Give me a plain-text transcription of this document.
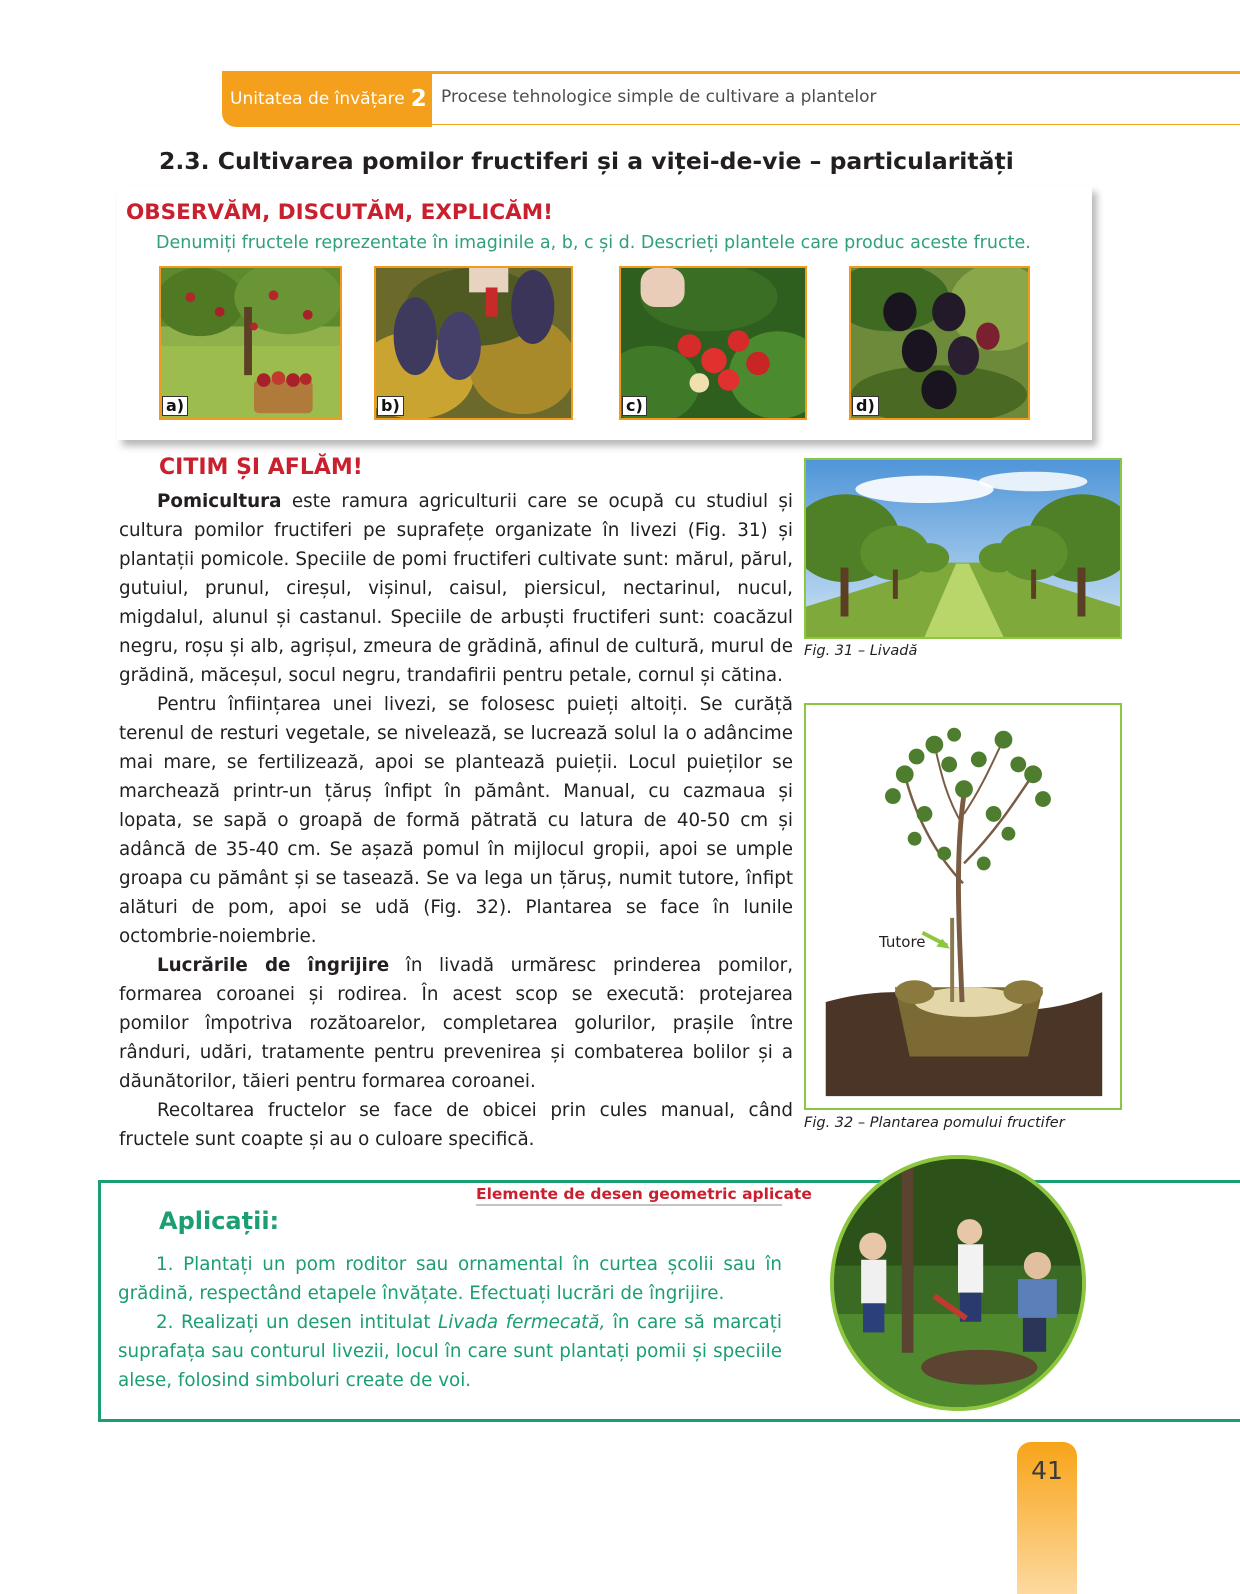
Unitatea de învățare 2 Procese tehnologice simple de cultivare a plantelor
2.3. Cultivarea pomilor fructiferi și a viței-de-vie – particularități
OBSERVĂM, DISCUTĂM, EXPLICĂM!
Denumiți fructele reprezentate în imaginile a, b, c și d. Descrieți plantele care produc aceste fructe.
a)	b)	c)	d)
CITIM ȘI AFLĂM!

Pomicultura este ramura agriculturii care se ocupă cu studiul și cultura pomilor fructiferi pe suprafețe organizate în livezi (Fig. 31) și plantații pomicole. Speciile de pomi fructiferi cultivate sunt: mărul, părul, gutuiul, prunul, cireșul, vișinul, caisul, piersicul, nectarinul, nucul, migdalul, alunul și castanul. Speciile de arbuști fructiferi sunt: coacăzul negru, roșu și alb, agrișul, zmeura de grădină, afinul de cultură, murul de grădină, măceșul, socul negru, trandafirii pentru petale, cornul și cătina.

Pentru înființarea unei livezi, se folosesc puieți altoiți. Se curăță terenul de resturi vegetale, se nivelează, se lucrează solul la o adâncime mai mare, se fertilizează, apoi se plantează puieții. Locul puieților se marchează printr-un țăruș înfipt în pământ. Manual, cu cazmaua și lopata, se sapă o groapă de formă pătrată cu latura de 40-50 cm și adâncă de 35-40 cm. Se așază pomul în mijlocul gropii, apoi se umple groapa cu pământ și se tasează. Se va lega un țăruș, numit tutore, înfipt alături de pom, apoi se udă (Fig. 32). Plantarea se face în lunile octombrie-noiembrie.

Lucrările de îngrijire în livadă urmăresc prinderea pomilor, formarea coroanei și rodirea. În acest scop se execută: protejarea pomilor împotriva rozătoarelor, completarea golurilor, prașile între rânduri, udări, tratamente pentru prevenirea și combaterea bolilor și a dăunătorilor, tăieri pentru formarea coroanei.

Recoltarea fructelor se face de obicei prin cules manual, când fructele sunt coapte și au o culoare specifică.

Fig. 31 – Livadă
Tutore
Fig. 32 – Plantarea pomului fructifer
Elemente de desen geometric aplicate
Aplicații:

1. Plantați un pom roditor sau ornamental în curtea școlii sau în grădină, respectând etapele învățate. Efectuați lucrări de îngrijire.

2. Realizați un desen intitulat Livada fermecată, în care să marcați suprafața sau conturul livezii, locul în care sunt plantați pomii și speciile alese, folosind simboluri create de voi.

41
